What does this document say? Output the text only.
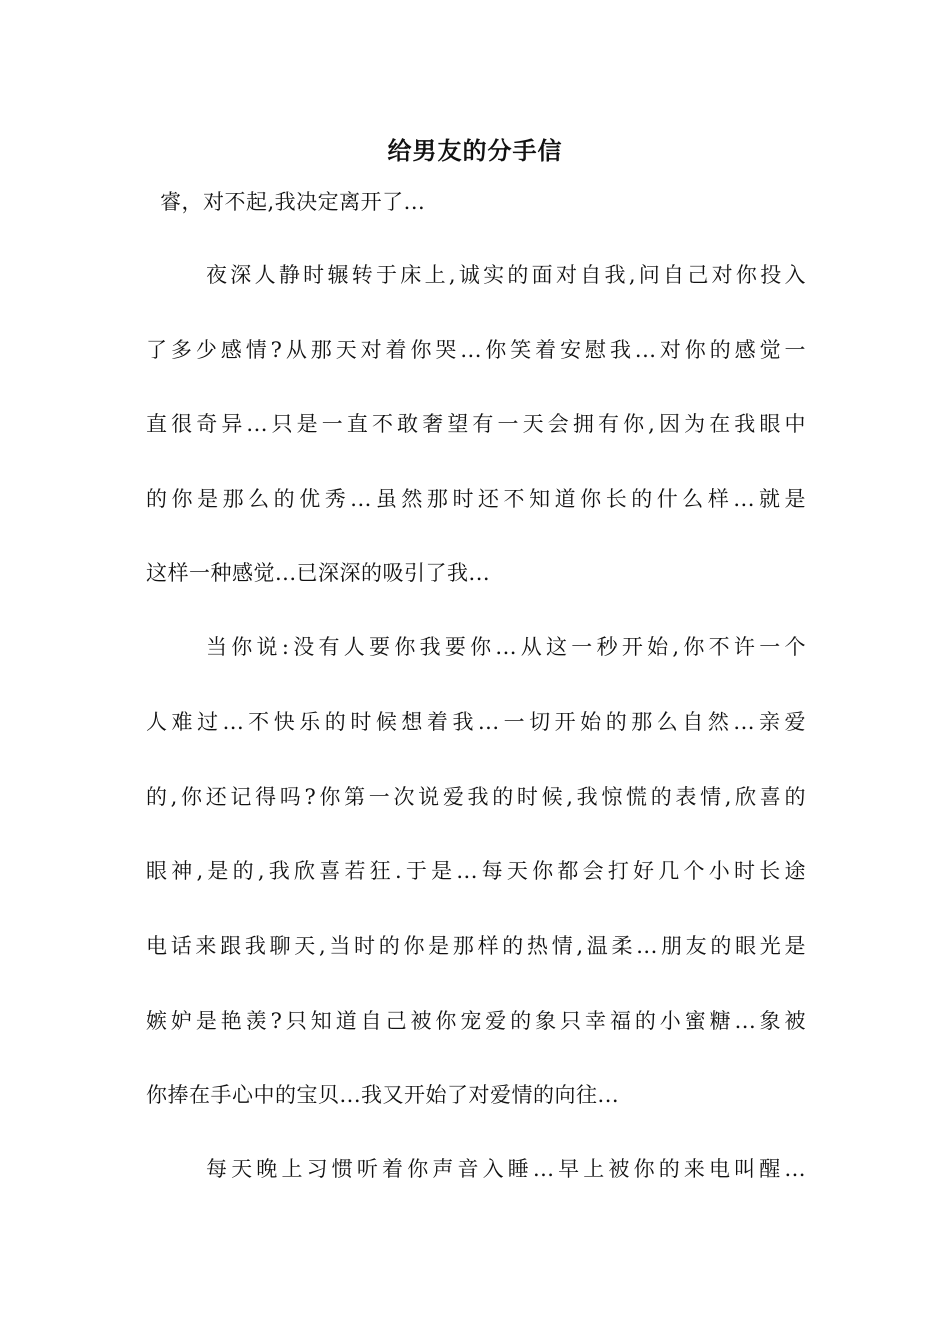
给男友的分手信
睿，对不起,我决定离开了...
夜深人静时辗转于床上,诚实的面对自我,问自己对你投入
了多少感情?从那天对着你哭...你笑着安慰我...对你的感觉一
直很奇异...只是一直不敢奢望有一天会拥有你,因为在我眼中
的你是那么的优秀...虽然那时还不知道你长的什么样...就是
这样一种感觉...已深深的吸引了我...
当你说:没有人要你我要你...从这一秒开始,你不许一个
人难过...不快乐的时候想着我...一切开始的那么自然...亲爱
的,你还记得吗?你第一次说爱我的时候,我惊慌的表情,欣喜的
眼神,是的,我欣喜若狂.于是...每天你都会打好几个小时长途
电话来跟我聊天,当时的你是那样的热情,温柔...朋友的眼光是
嫉妒是艳羡?只知道自己被你宠爱的象只幸福的小蜜糖...象被
你捧在手心中的宝贝...我又开始了对爱情的向往...
每天晚上习惯听着你声音入睡...早上被你的来电叫醒...
